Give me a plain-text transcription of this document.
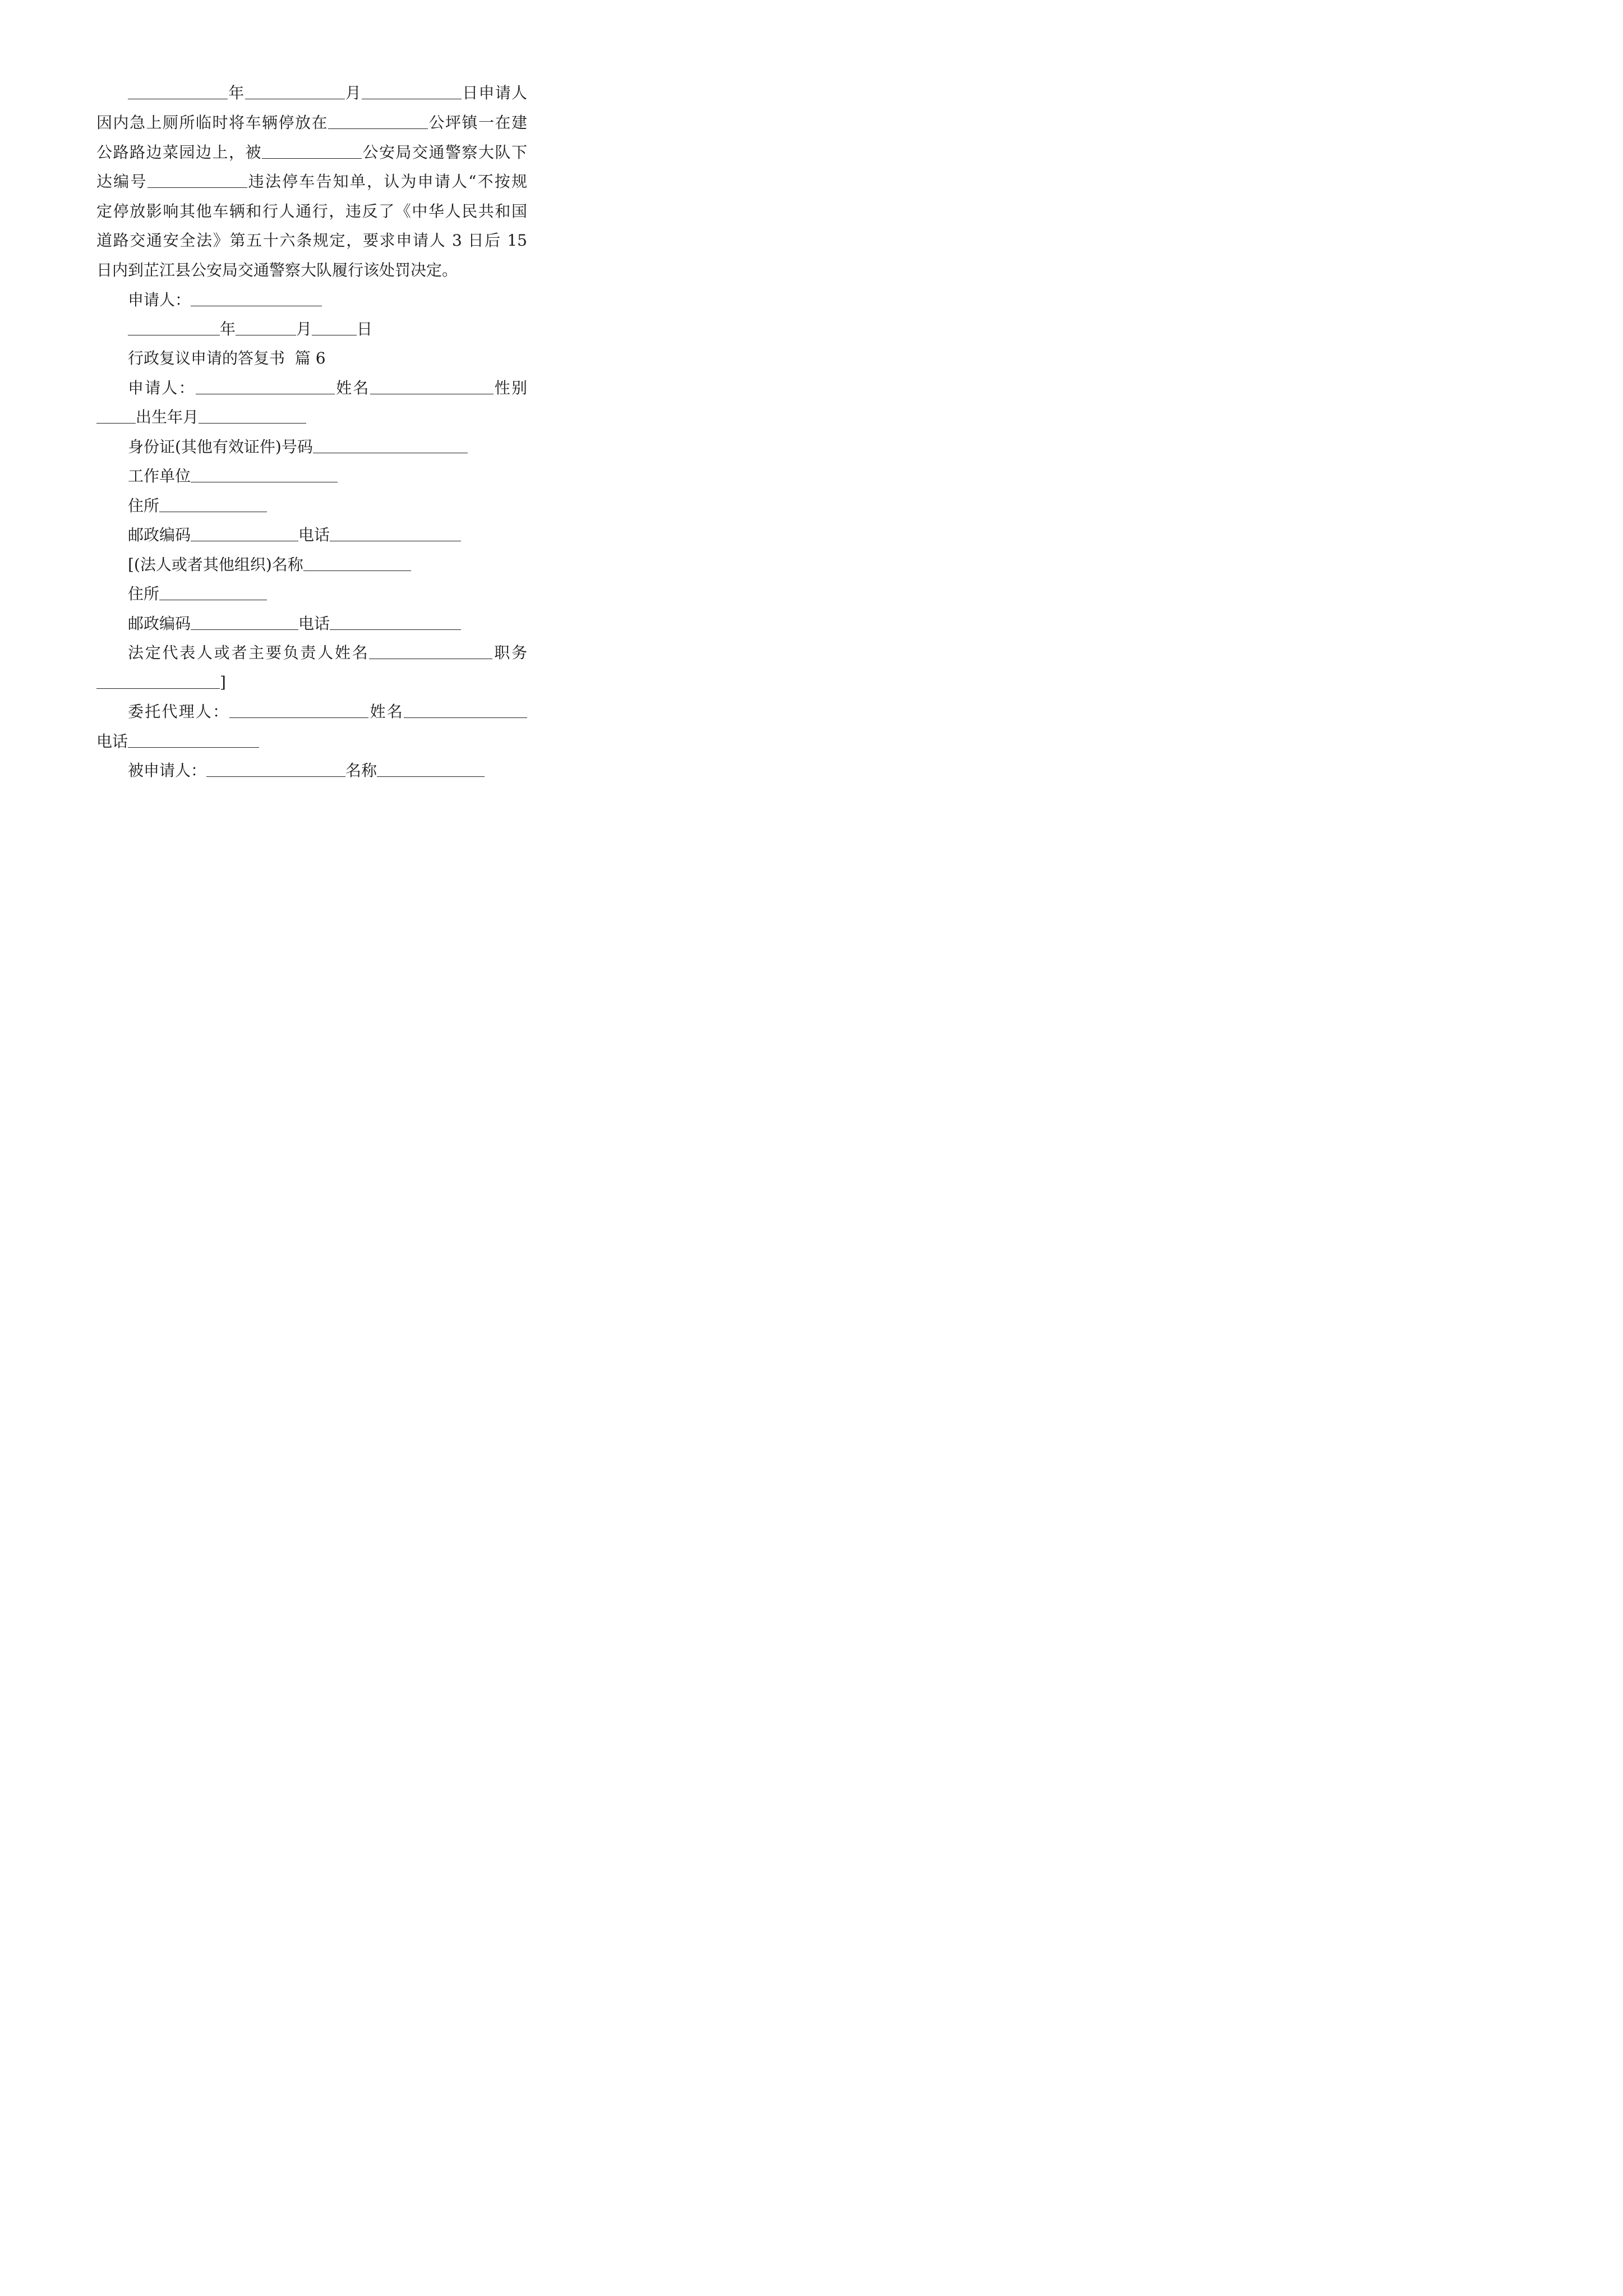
年	月	日申请人
因内急上厕所临时将车辆停放在	公坪镇一在建
公路路边菜园边上，被	公安局交通警察大队下
达编号	违法停车告知单，认为申请人“不按规
定停放影响其他车辆和行人通行，违反了《中华人民共和国
道路交通安全法》第五十六条规定，要求申请人 3 日后 15
日内到芷江县公安局交通警察大队履行该处罚决定。
申请人：
年	月	日
行政复议申请的答复书  篇 6
申请人：	姓名	性别
出生年月
身份证(其他有效证件)号码
工作单位
住所
邮政编码	电话
[(法人或者其他组织)名称
住所
邮政编码	电话
法定代表人或者主要负责人姓名	职务
]
委托代理人：	姓名
电话
被申请人：	名称
